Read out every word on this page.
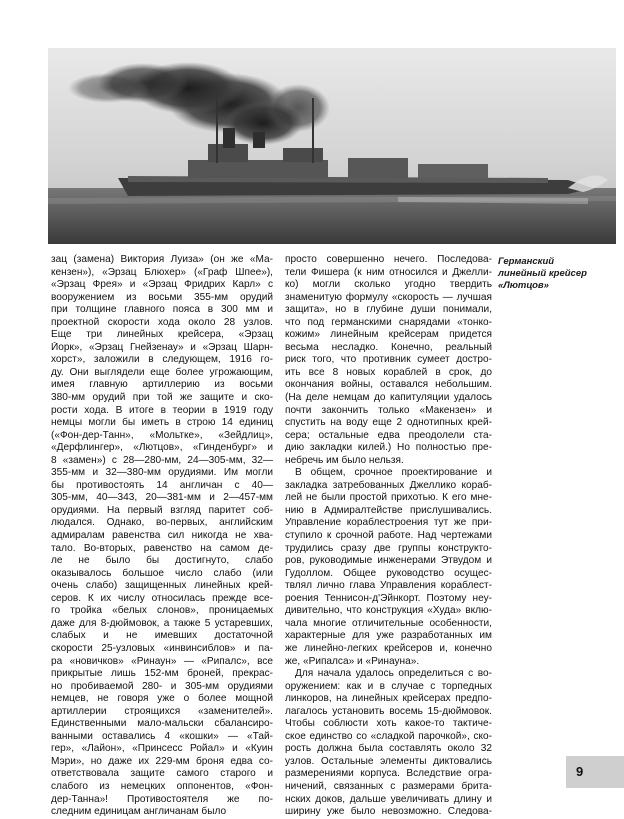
Германский
линейный крейсер
«Лютцов»
зац (замена) Виктория Луиза» (он же «Ма-
кензен»), «Эрзац Блюхер» («Граф Шпее»),
«Эрзац Фрея» и «Эрзац Фридрих Карл» с
вооружением из восьми 355-мм орудий
при толщине главного пояса в 300 мм и
проектной скорости хода около 28 узлов.
Еще три линейных крейсера, «Эрзац
Йорк», «Эрзац Гнейзенау» и «Эрзац Шарн-
хорст», заложили в следующем, 1916 го-
ду. Они выглядели еще более угрожающим,
имея главную артиллерию из восьми
380-мм орудий при той же защите и ско-
рости хода. В итоге в теории в 1919 году
немцы могли бы иметь в строю 14 единиц
(«Фон-дер-Танн», «Мольтке», «Зейдлиц»,
«Дерфлингер», «Лютцов», «Гинденбург» и
8 «замен») с 28—280-мм, 24—305-мм, 32—
355-мм и 32—380-мм орудиями. Им могли
бы противостоять 14 англичан с 40—
305-мм, 40—343, 20—381-мм и 2—457-мм
орудиями. На первый взгляд паритет соб-
людался. Однако, во-первых, английским
адмиралам равенства сил никогда не хва-
тало. Во-вторых, равенство на самом де-
ле не было бы достигнуто, слабо
оказывалось большое число слабо (или
очень слабо) защищенных линейных крей-
серов. К их числу относилась прежде все-
го тройка «белых слонов», проницаемых
даже для 8-дюймовок, а также 5 устаревших,
слабых и не имевших достаточной
скорости 25-узловых «инвинсиблов» и па-
ра «новичков» «Ринаун» — «Рипалс», все
прикрытые лишь 152-мм броней, прекрас-
но пробиваемой 280- и 305-мм орудиями
немцев, не говоря уже о более мощной
артиллерии строящихся «заменителей».
Единственными мало-мальски сбалансиро-
ванными оставались 4 «кошки» — «Тай-
гер», «Лайон», «Принсесс Ройал» и «Куин
Мэри», но даже их 229-мм броня едва со-
ответствовала защите самого старого и
слабого из немецких оппонентов, «Фон-
дер-Танна»! Противостоятеля же по-
следним единицам англичанам было
просто совершенно нечего. Последова-
тели Фишера (к ним относился и Джелли-
ко) могли сколько угодно твердить
знаменитую формулу «скорость — лучшая
защита», но в глубине души понимали,
что под германскими снарядами «тонко-
кожим» линейным крейсерам придется
весьма несладко. Конечно, реальный
риск того, что противник сумеет достро-
ить все 8 новых кораблей в срок, до
окончания войны, оставался небольшим.
(На деле немцам до капитуляции удалось
почти закончить только «Макензен» и
спустить на воду еще 2 однотипных крей-
сера; остальные едва преодолели ста-
дию закладки килей.) Но полностью пре-
небречь им было нельзя.
В общем, срочное проектирование и
закладка затребованных Джеллико кораб-
лей не были простой прихотью. К его мне-
нию в Адмиралтействе прислушивались.
Управление кораблестроения тут же при-
ступило к срочной работе. Над чертежами
трудились сразу две группы конструкто-
ров, руководимые инженерами Этвудом и
Гудоллом. Общее руководство осущес-
твлял лично глава Управления кораблест-
роения Теннисон-д'Эйнкорт. Поэтому неу-
дивительно, что конструкция «Худа» вклю-
чала многие отличительные особенности,
характерные для уже разработанных им
же линейно-легких крейсеров и, конечно
же, «Рипалса» и «Ринауна».
Для начала удалось определиться с во-
оружением: как и в случае с торпедных
линкоров, на линейных крейсерах предпо-
лагалось установить восемь 15-дюймовок.
Чтобы соблюсти хоть какое-то тактиче-
ское единство со «сладкой парочкой», ско-
рость должна была составлять около 32
узлов. Остальные элементы диктовались
размерениями корпуса. Вследствие огра-
ничений, связанных с размерами брита-
нских доков, дальше увеличивать длину и
ширину уже было невозможно. Следова-
9
